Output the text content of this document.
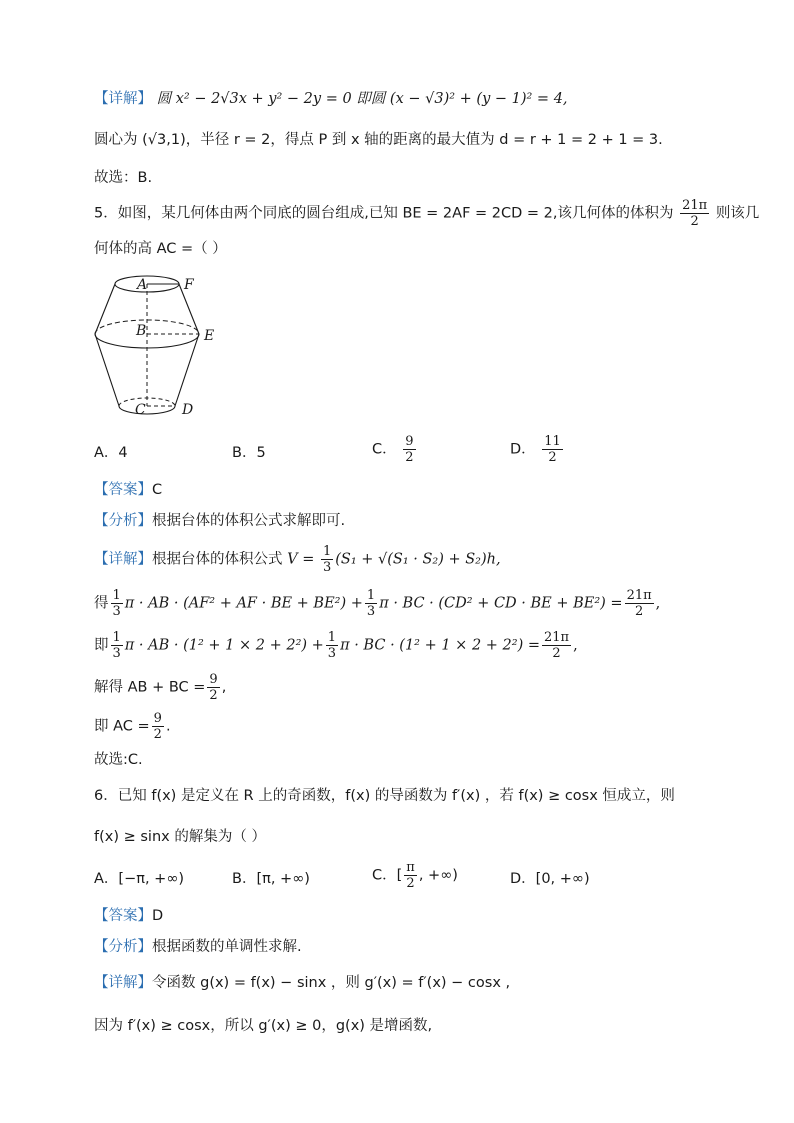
【详解】 圆 x² − 2√3x + y² − 2y = 0 即圆 (x − √3)² + (y − 1)² = 4,
圆心为 (√3,1)，半径 r = 2，得点 P 到 x 轴的距离的最大值为 d = r + 1 = 2 + 1 = 3.
故选：B.
5．如图，某几何体由两个同底的圆台组成,已知 BE = 2AF = 2CD = 2,该几何体的体积为 $\frac{21\pi}{2}$ 则该几
何体的高 AC =（ ）
A	F
B	E
C	D
A．4	B．5	C． $\frac{9}{2}$	D． $\frac{11}{2}$
【答案】C
【分析】根据台体的体积公式求解即可.
【详解】根据台体的体积公式 $V = \frac{1}{3} (S_1 + √(S_1 \cdot S_2) + S_2)h$,
得 $\frac{1}{3}$ π · AB · (AF² + AF · BE + $BE^2) + \frac{1}{3}$ π · BC · (CD² + CD · BE + $BE^2) = \frac{21\pi}{2}$ ,
即 $\frac{1}{3}$ π · AB · $(1^2 + 1 \times 2 + 2^2) + \frac{1}{3}$ π · BC · $(1^2 + 1 \times 2 + 2^2) = \frac{21\pi}{2}$ ,
解得 AB + BC = $\frac{9}{2}$ ,
即 AC = $\frac{9}{2}$ .
故选:C.
6．已知 f(x) 是定义在 R 上的奇函数，f(x) 的导函数为 f′(x) ，若 f(x) ≥ cosx 恒成立，则
f(x) ≥ sinx 的解集为（ ）
A．[−π, +∞)	B．[π, +∞)	C．[ $\frac{\pi}{2}$ , +∞)	D．[0, +∞)
【答案】D
【分析】根据函数的单调性求解.
【详解】令函数 g(x) = f(x) − sinx ，则 g′(x) = f′(x) − cosx ,
因为 f′(x) ≥ cosx，所以 g′(x) ≥ 0，g(x) 是增函数,
